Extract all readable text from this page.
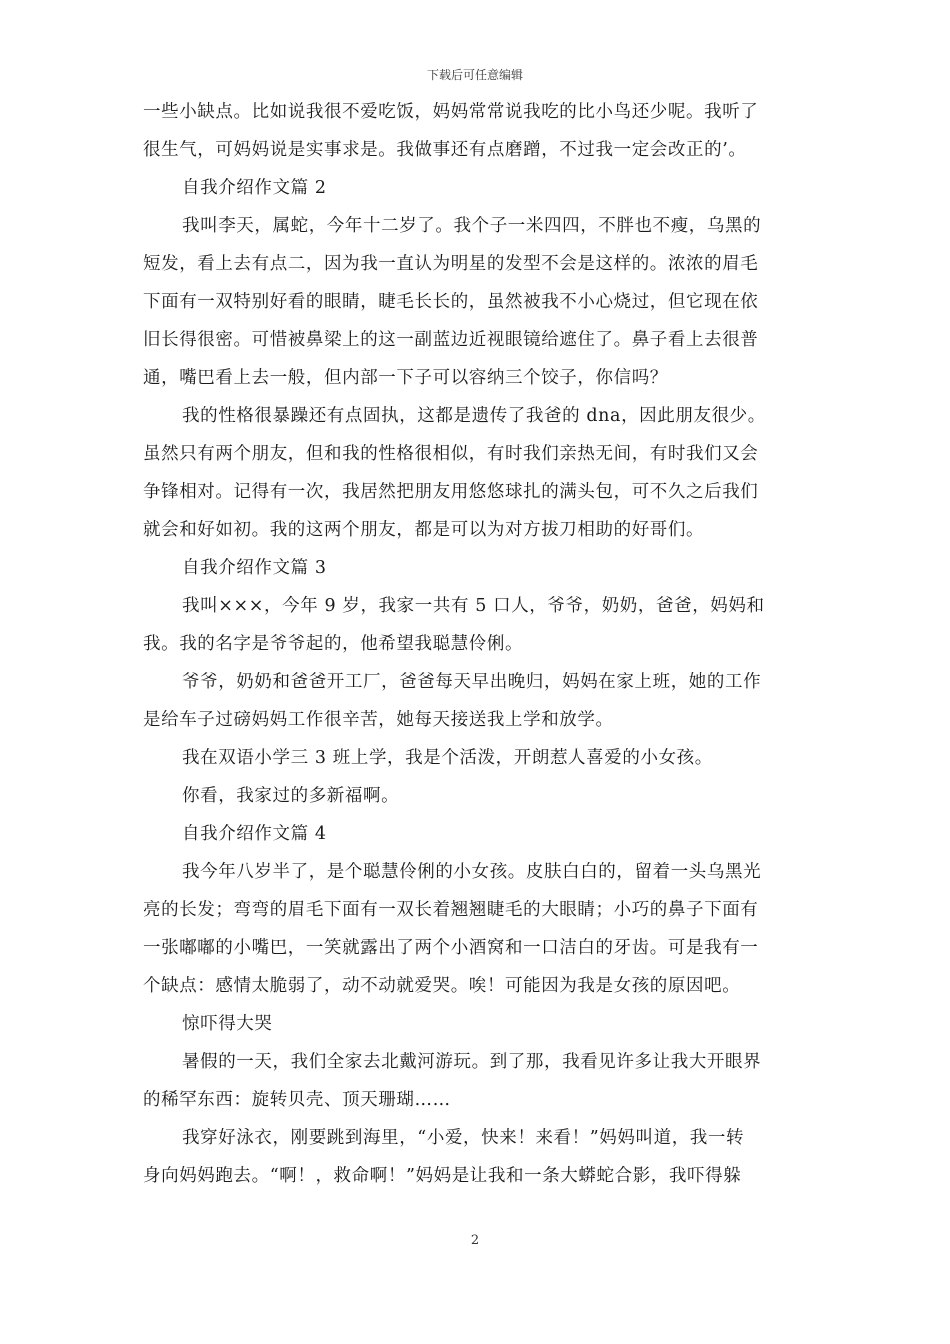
下载后可任意编辑
一些小缺点。比如说我很不爱吃饭，妈妈常常说我吃的比小鸟还少呢。我听了
很生气，可妈妈说是实事求是。我做事还有点磨蹭，不过我一定会改正的’。
自我介绍作文篇 2
我叫李天，属蛇，今年十二岁了。我个子一米四四，不胖也不瘦，乌黑的
短发，看上去有点二，因为我一直认为明星的发型不会是这样的。浓浓的眉毛
下面有一双特别好看的眼睛，睫毛长长的，虽然被我不小心烧过，但它现在依
旧长得很密。可惜被鼻梁上的这一副蓝边近视眼镜给遮住了。鼻子看上去很普
通，嘴巴看上去一般，但内部一下子可以容纳三个饺子，你信吗？
我的性格很暴躁还有点固执，这都是遗传了我爸的 dna，因此朋友很少。
虽然只有两个朋友，但和我的性格很相似，有时我们亲热无间，有时我们又会
争锋相对。记得有一次，我居然把朋友用悠悠球扎的满头包，可不久之后我们
就会和好如初。我的这两个朋友，都是可以为对方拔刀相助的好哥们。
自我介绍作文篇 3
我叫×××，今年 9 岁，我家一共有 5 口人，爷爷，奶奶，爸爸，妈妈和
我。我的名字是爷爷起的，他希望我聪慧伶俐。
爷爷，奶奶和爸爸开工厂，爸爸每天早出晚归，妈妈在家上班，她的工作
是给车子过磅妈妈工作很辛苦，她每天接送我上学和放学。
我在双语小学三 3 班上学，我是个活泼，开朗惹人喜爱的小女孩。
你看，我家过的多新福啊。
自我介绍作文篇 4
我今年八岁半了，是个聪慧伶俐的小女孩。皮肤白白的，留着一头乌黑光
亮的长发；弯弯的眉毛下面有一双长着翘翘睫毛的大眼睛；小巧的鼻子下面有
一张嘟嘟的小嘴巴，一笑就露出了两个小酒窝和一口洁白的牙齿。可是我有一
个缺点：感情太脆弱了，动不动就爱哭。唉！可能因为我是女孩的原因吧。
惊吓得大哭
暑假的一天，我们全家去北戴河游玩。到了那，我看见许多让我大开眼界
的稀罕东西：旋转贝壳、顶天珊瑚……
我穿好泳衣，刚要跳到海里，“小爱，快来！来看！”妈妈叫道，我一转
身向妈妈跑去。“啊！，救命啊！”妈妈是让我和一条大蟒蛇合影，我吓得躲
2
